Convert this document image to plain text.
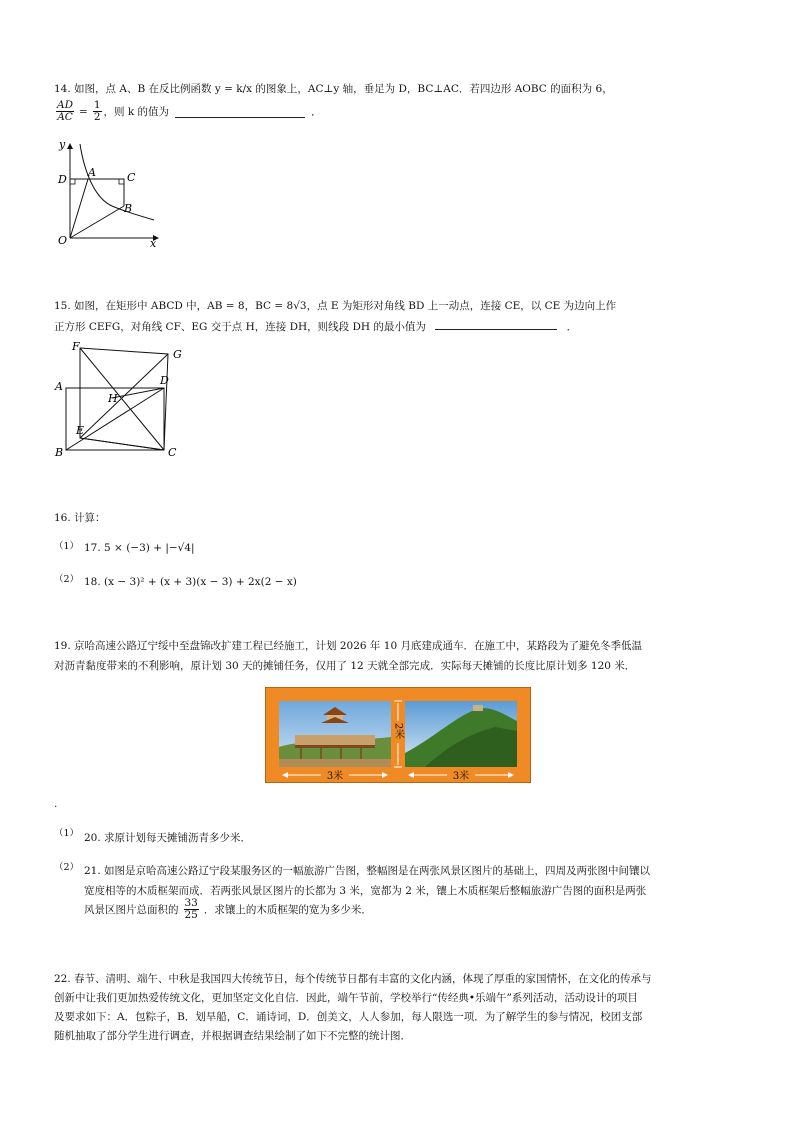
14. 如图，点 A、B 在反比例函数 y = k/x 的图象上，AC⊥y 轴，垂足为 D，BC⊥AC．若四边形 AOBC 的面积为 6，
$\frac{AD}{AC} = \frac{1}{2}$ ，则 k 的值为	．
y
x
O
D
A	C
B
15. 如图，在矩形中 ABCD 中，AB = 8，BC = 8√3，点 E 为矩形对角线 BD 上一动点，连接 CE，以 CE 为边向上作
正方形 CEFG，对角线 CF、EG 交于点 H，连接 DH，则线段 DH 的最小值为	．
F
G
A	D
H
E
B	C
16. 计算：
（1） 17. 5 × (−3) + |−√4|
（2） 18. (x − 3)² + (x + 3)(x − 3) + 2x(2 − x)
19. 京哈高速公路辽宁绥中至盘锦改扩建工程已经施工，计划 2026 年 10 月底建成通车．在施工中，某路段为了避免冬季低温
对沥青黏度带来的不利影响，原计划 30 天的摊铺任务，仅用了 12 天就全部完成．实际每天摊铺的长度比原计划多 120 米．
2米
3米	3米
.
（1） 20. 求原计划每天摊铺沥青多少米．
（2） 21. 如图是京哈高速公路辽宁段某服务区的一幅旅游广告图，整幅图是在两张风景区图片的基础上，四周及两张图中间镶以
宽度相等的木质框架而成．若两张风景区图片的长都为 3 米，宽都为 2 米，镶上木质框架后整幅旅游广告图的面积是两张
风景区图片总面积的 $\frac{33}{25}$ ．求镶上的木质框架的宽为多少米．
22. 春节、清明、端午、中秋是我国四大传统节日，每个传统节日都有丰富的文化内涵，体现了厚重的家国情怀，在文化的传承与
创新中让我们更加热爱传统文化，更加坚定文化自信．因此，端午节前，学校举行“传经典•乐端午”系列活动，活动设计的项目
及要求如下：A．包粽子，B．划旱船，C．诵诗词，D．创美文，人人参加，每人限选一项．为了解学生的参与情况，校团支部
随机抽取了部分学生进行调查，并根据调查结果绘制了如下不完整的统计图．
